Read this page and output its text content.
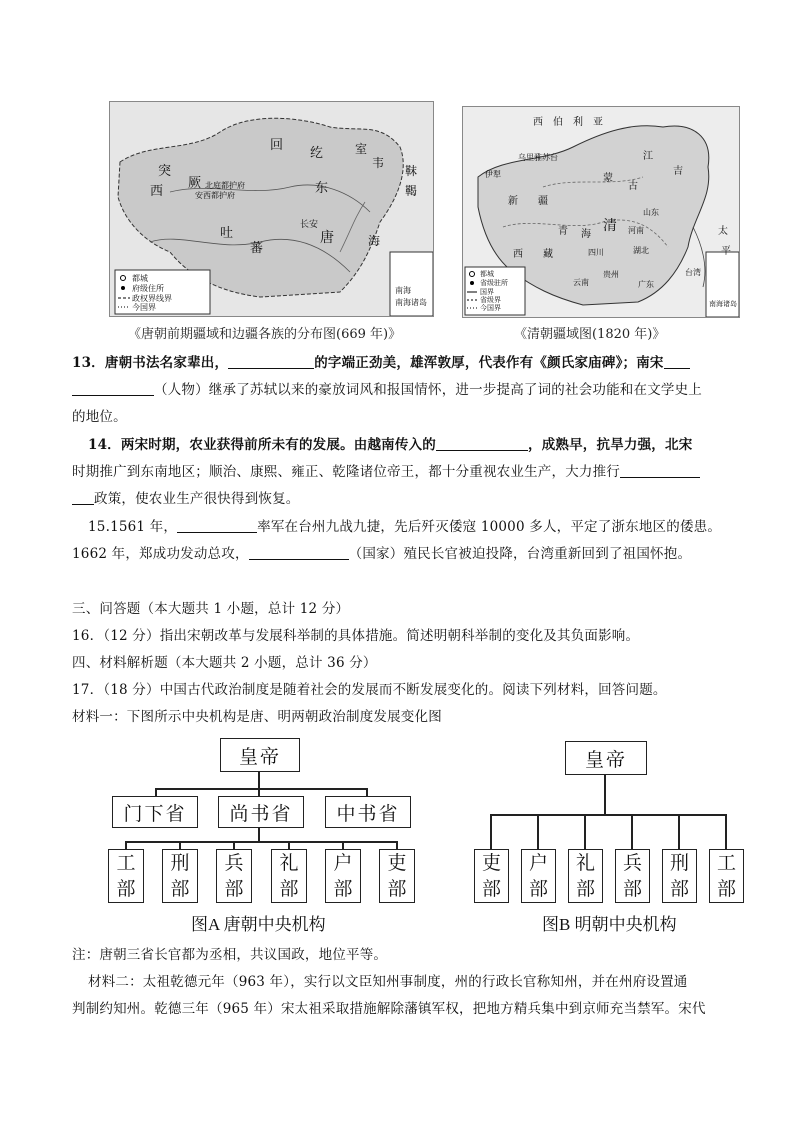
回
纥	室
韦
靺
鞨
突
厥
西	东
唐
吐
蕃	海
长安
南海
南海诸岛
安西都护府
北庭都护府
都城
府级住所
政权界线界
今国界
《唐朝前期疆域和边疆各族的分布图(669 年)》
西　伯　利　亚
乌里雅苏台
伊犁
新 疆
青 海
西　　藏
清
蒙
古
江
吉
山东
河南
四川
贵州
云南	广东
湖北
台湾
南海诸岛
太
平
都城
省级驻所
国界
省级界
今国界
《清朝疆域图(1820 年)》
13．唐朝书法名家辈出，	的字端正劲美，雄浑敦厚，代表作有《颜氏家庙碑》；南宋
（人物）继承了苏轼以来的豪放词风和报国情怀，进一步提高了词的社会功能和在文学史上
的地位。
14．两宋时期，农业获得前所未有的发展。由越南传入的	，成熟早，抗旱力强，北宋
时期推广到东南地区；顺治、康熙、雍正、乾隆诸位帝王，都十分重视农业生产，大力推行
政策，使农业生产很快得到恢复。
15.1561 年，	率军在台州九战九捷，先后歼灭倭寇 10000 多人，平定了浙东地区的倭患。
1662 年，郑成功发动总攻，	（国家）殖民长官被迫投降，台湾重新回到了祖国怀抱。
三、问答题（本大题共 1 小题，总计 12 分）
16．（12 分）指出宋朝改革与发展科举制的具体措施。简述明朝科举制的变化及其负面影响。
四、材料解析题（本大题共 2 小题，总计 36 分）
17．（18 分）中国古代政治制度是随着社会的发展而不断发展变化的。阅读下列材料，回答问题。
材料一：下图所示中央机构是唐、明两朝政治制度发展变化图
皇帝
门下省	尚书省	中书省
工
部
刑
部
兵
部
礼
部
户
部
吏
部
图A 唐朝中央机构
皇帝
吏
部
户
部
礼
部
兵
部
刑
部
工
部
图B 明朝中央机构
注：唐朝三省长官都为丞相，共议国政，地位平等。
材料二：太祖乾德元年（963 年），实行以文臣知州事制度，州的行政长官称知州，并在州府设置通
判制约知州。乾德三年（965 年）宋太祖采取措施解除藩镇军权，把地方精兵集中到京师充当禁军。宋代
